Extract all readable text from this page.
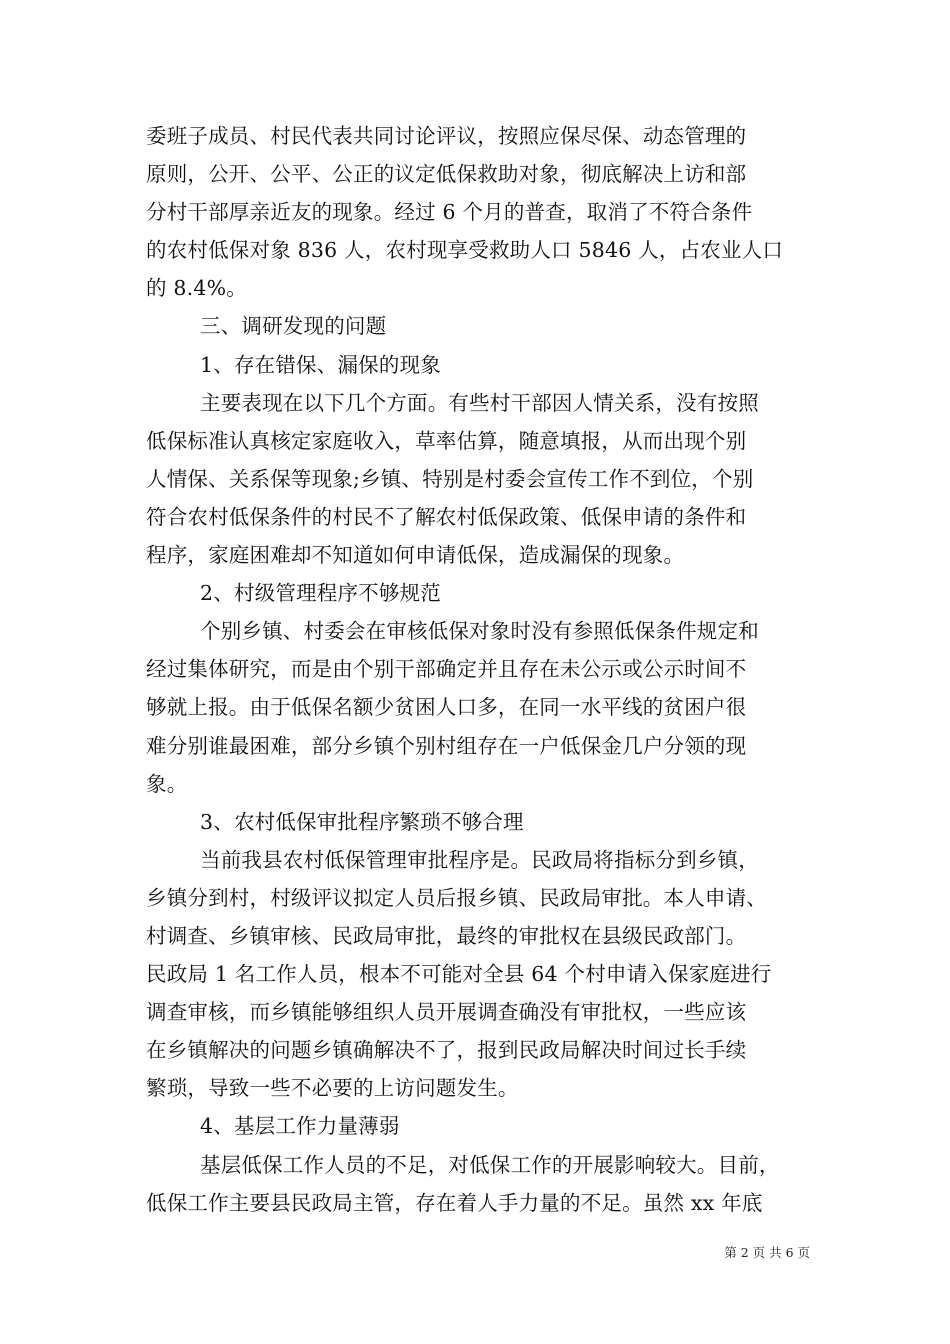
委班子成员、村民代表共同讨论评议，按照应保尽保、动态管理的
原则，公开、公平、公正的议定低保救助对象，彻底解决上访和部
分村干部厚亲近友的现象。经过 6 个月的普查，取消了不符合条件
的农村低保对象 836 人，农村现享受救助人口 5846 人，占农业人口
的 8.4%。
三、调研发现的问题
1、存在错保、漏保的现象
主要表现在以下几个方面。有些村干部因人情关系，没有按照
低保标准认真核定家庭收入，草率估算，随意填报，从而出现个别
人情保、关系保等现象;乡镇、特别是村委会宣传工作不到位，个别
符合农村低保条件的村民不了解农村低保政策、低保申请的条件和
程序，家庭困难却不知道如何申请低保，造成漏保的现象。
2、村级管理程序不够规范
个别乡镇、村委会在审核低保对象时没有参照低保条件规定和
经过集体研究，而是由个别干部确定并且存在未公示或公示时间不
够就上报。由于低保名额少贫困人口多，在同一水平线的贫困户很
难分别谁最困难，部分乡镇个别村组存在一户低保金几户分领的现
象。
3、农村低保审批程序繁琐不够合理
当前我县农村低保管理审批程序是。民政局将指标分到乡镇，
乡镇分到村，村级评议拟定人员后报乡镇、民政局审批。本人申请、
村调查、乡镇审核、民政局审批，最终的审批权在县级民政部门。
民政局 1 名工作人员，根本不可能对全县 64 个村申请入保家庭进行
调查审核，而乡镇能够组织人员开展调查确没有审批权，一些应该
在乡镇解决的问题乡镇确解决不了，报到民政局解决时间过长手续
繁琐，导致一些不必要的上访问题发生。
4、基层工作力量薄弱
基层低保工作人员的不足，对低保工作的开展影响较大。目前，
低保工作主要县民政局主管，存在着人手力量的不足。虽然 xx 年底
第 2 页 共 6 页
